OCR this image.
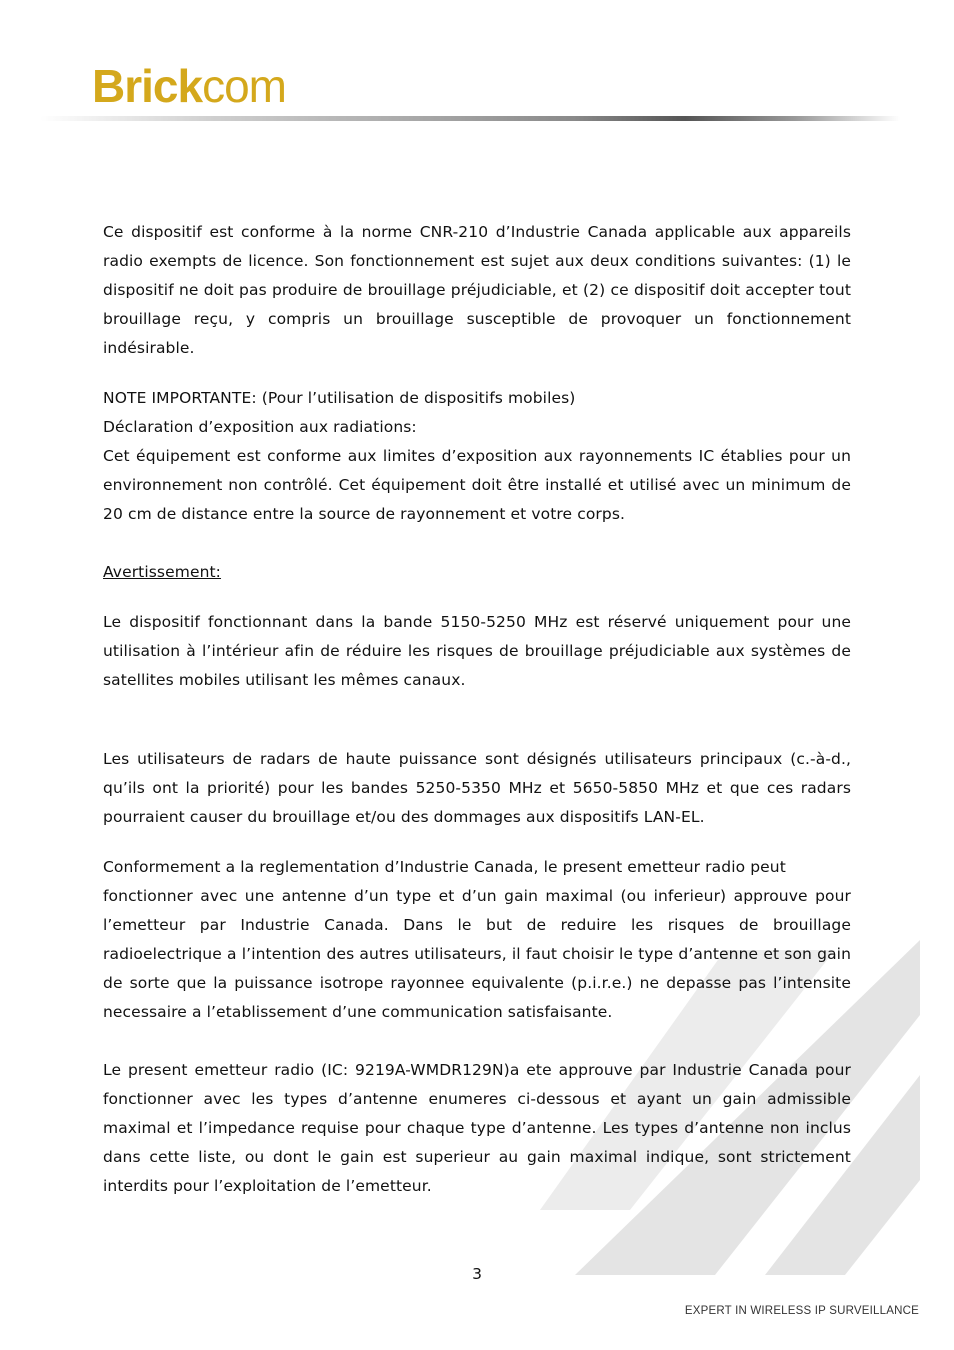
Brickcom

Ce dispositif est conforme à la norme CNR-210 d’Industrie Canada applicable aux appareils radio exempts de licence. Son fonctionnement est sujet aux deux conditions suivantes: (1) le dispositif ne doit pas produire de brouillage préjudiciable, et (2) ce dispositif doit accepter tout brouillage reçu, y compris un brouillage susceptible de provoquer un fonctionnement indésirable.

NOTE IMPORTANTE: (Pour l’utilisation de dispositifs mobiles)

Déclaration d’exposition aux radiations:

Cet équipement est conforme aux limites d’exposition aux rayonnements IC établies pour un environnement non contrôlé. Cet équipement doit être installé et utilisé avec un minimum de 20 cm de distance entre la source de rayonnement et votre corps.

Avertissement:

Le dispositif fonctionnant dans la bande 5150-5250 MHz est réservé uniquement pour une utilisation à l’intérieur afin de réduire les risques de brouillage préjudiciable aux systèmes de satellites mobiles utilisant les mêmes canaux.

Les utilisateurs de radars de haute puissance sont désignés utilisateurs principaux (c.-à-d., qu’ils ont la priorité) pour les bandes 5250-5350 MHz et 5650-5850 MHz et que ces radars pourraient causer du brouillage et/ou des dommages aux dispositifs LAN-EL.

Conformement a la reglementation d’Industrie Canada, le present emetteur radio peut

fonctionner avec une antenne d’un type et d’un gain maximal (ou inferieur) approuve pour l’emetteur par Industrie Canada. Dans le but de reduire les risques de brouillage radioelectrique a l’intention des autres utilisateurs, il faut choisir le type d’antenne et son gain de sorte que la puissance isotrope rayonnee equivalente (p.i.r.e.) ne depasse pas l’intensite necessaire a l’etablissement d’une communication satisfaisante.

Le present emetteur radio (IC: 9219A-WMDR129N)a ete approuve par Industrie Canada pour fonctionner avec les types d’antenne enumeres ci-dessous et ayant un gain admissible maximal et l’impedance requise pour chaque type d’antenne. Les types d’antenne non inclus dans cette liste, ou dont le gain est superieur au gain maximal indique, sont strictement interdits pour l’exploitation de l’emetteur.

3
EXPERT IN WIRELESS IP SURVEILLANCE
